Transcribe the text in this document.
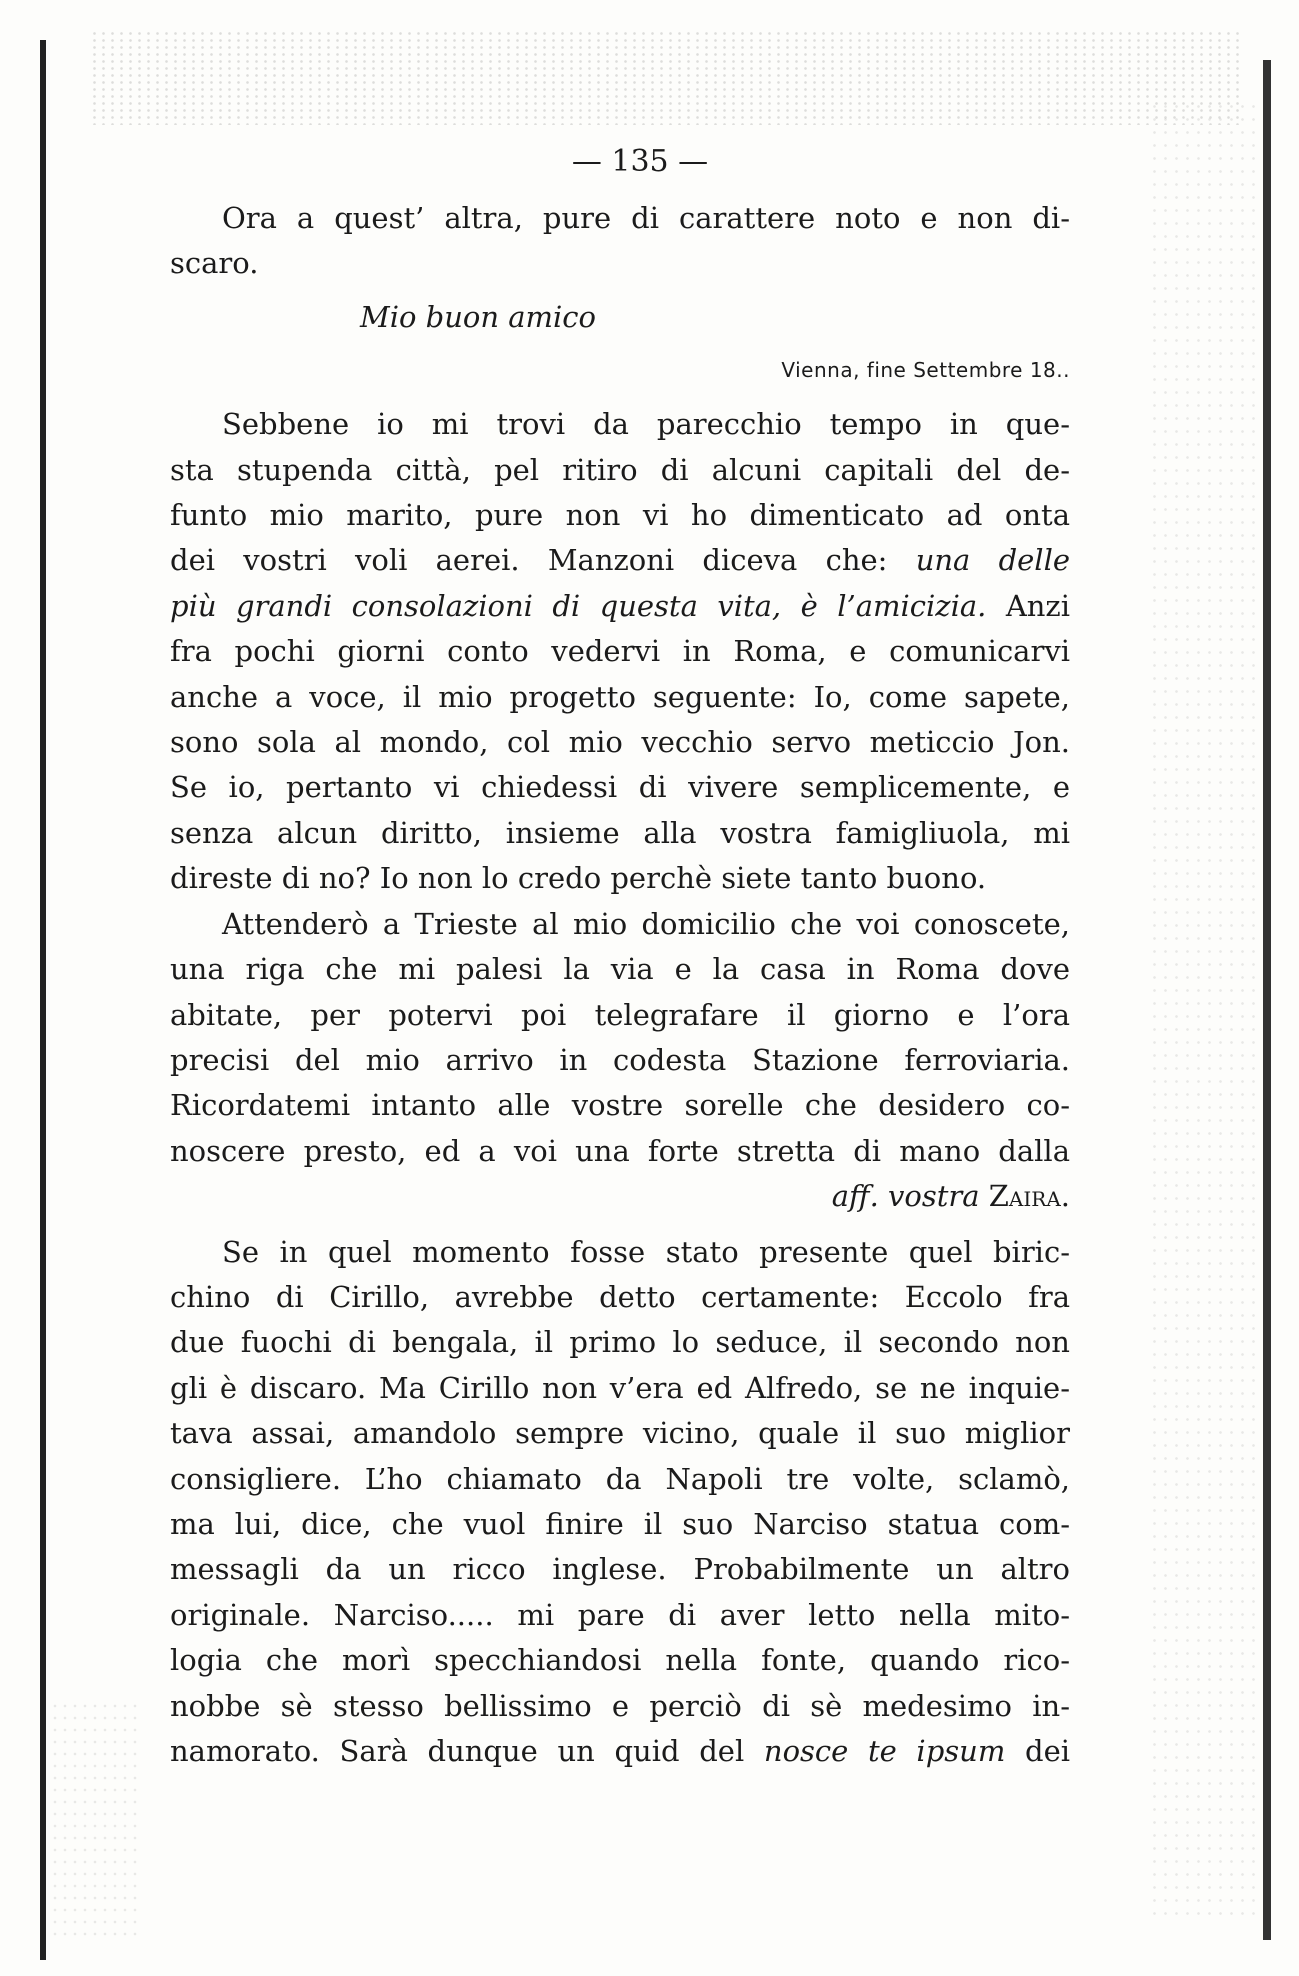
— 135 —
Ora a quest’ altra, pure di carattere noto e non di-
scaro.
Mio buon amico
Vienna, fine Settembre 18..
Sebbene io mi trovi da parecchio tempo in que-
sta stupenda città, pel ritiro di alcuni capitali del de-
funto mio marito, pure non vi ho dimenticato ad onta
dei vostri voli aerei. Manzoni diceva che: una delle
più grandi consolazioni di questa vita, è l’amicizia. Anzi
fra pochi giorni conto vedervi in Roma, e comunicarvi
anche a voce, il mio progetto seguente: Io, come sapete,
sono sola al mondo, col mio vecchio servo meticcio Jon.
Se io, pertanto vi chiedessi di vivere semplicemente, e
senza alcun diritto, insieme alla vostra famigliuola, mi
direste di no? Io non lo credo perchè siete tanto buono.
Attenderò a Trieste al mio domicilio che voi conoscete,
una riga che mi palesi la via e la casa in Roma dove
abitate, per potervi poi telegrafare il giorno e l’ora
precisi del mio arrivo in codesta Stazione ferroviaria.
Ricordatemi intanto alle vostre sorelle che desidero co-
noscere presto, ed a voi una forte stretta di mano dalla
aff. vostra Zaira.
Se in quel momento fosse stato presente quel biric-
chino di Cirillo, avrebbe detto certamente: Eccolo fra
due fuochi di bengala, il primo lo seduce, il secondo non
gli è discaro. Ma Cirillo non v’era ed Alfredo, se ne inquie-
tava assai, amandolo sempre vicino, quale il suo miglior
consigliere. L’ho chiamato da Napoli tre volte, sclamò,
ma lui, dice, che vuol finire il suo Narciso statua com-
messagli da un ricco inglese. Probabilmente un altro
originale. Narciso..... mi pare di aver letto nella mito-
logia che morì specchiandosi nella fonte, quando rico-
nobbe sè stesso bellissimo e perciò di sè medesimo in-
namorato. Sarà dunque un quid del nosce te ipsum dei
